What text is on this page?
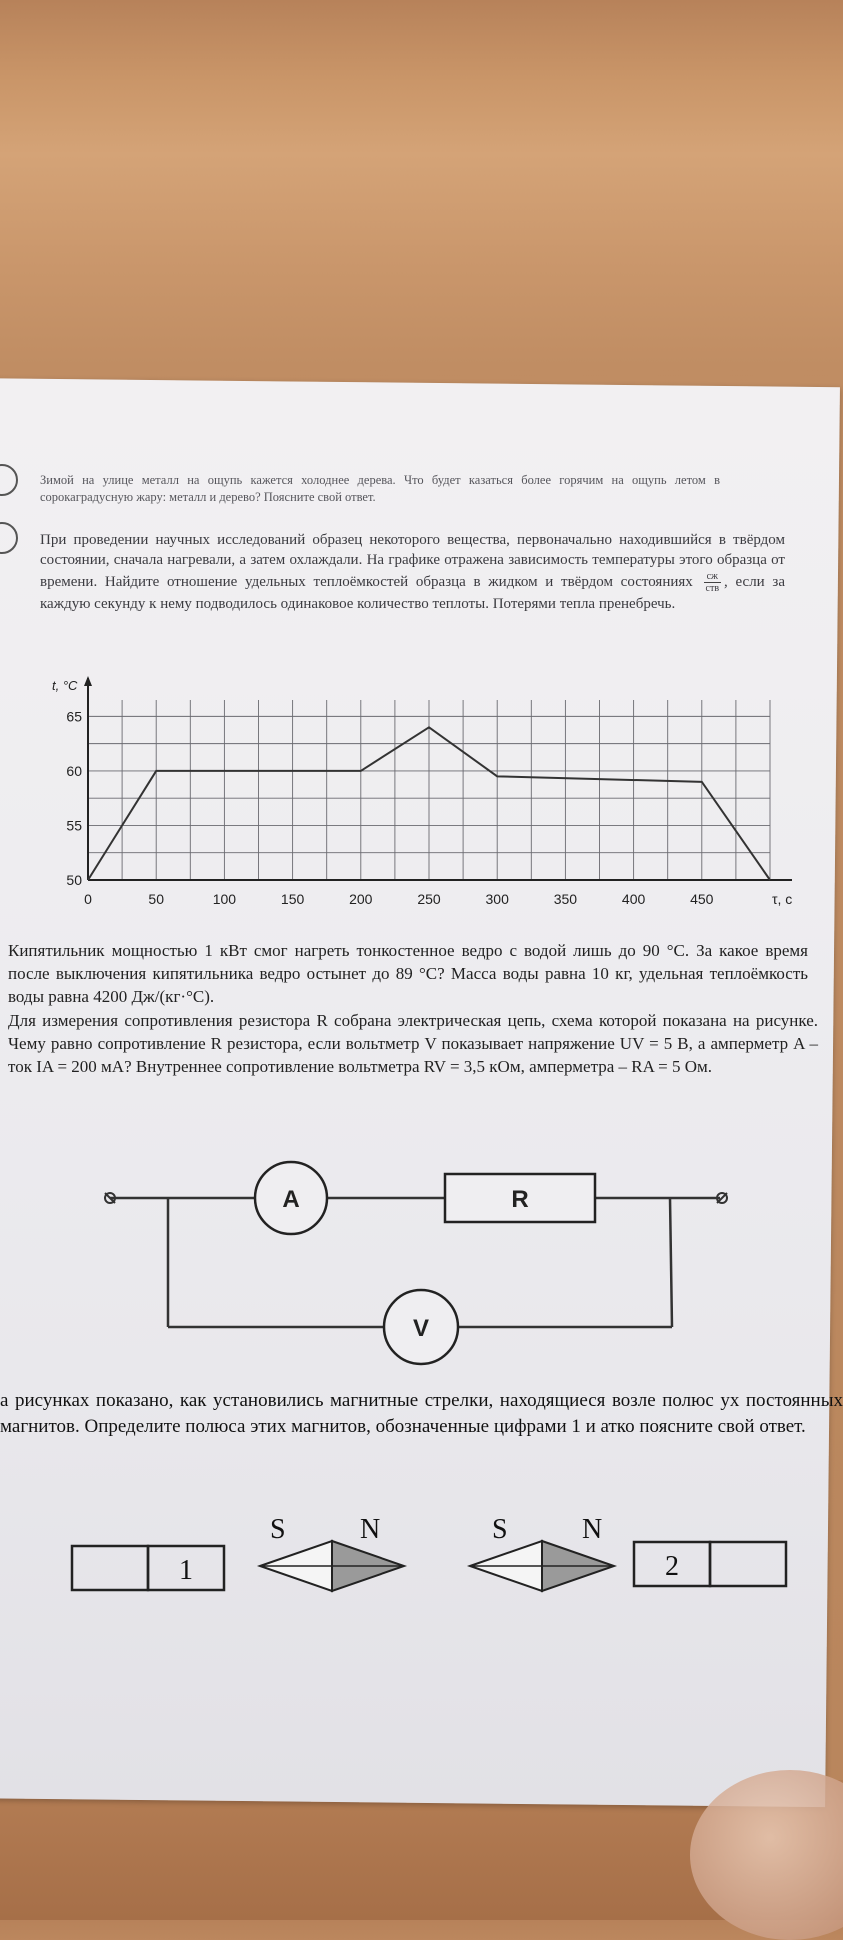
Зимой на улице металл на ощупь кажется холоднее дерева. Что будет казаться более горячим на ощупь летом в сорокаградусную жару: металл и дерево? Поясните свой ответ.
При проведении научных исследований образец некоторого вещества, первоначально находившийся в твёрдом состоянии, сначала нагревали, а затем охлаждали. На графике отражена зависимость температуры этого образца от времени. Найдите отношение удельных теплоёмкостей образца в жидком и твёрдом состояниях $\frac{cж}{\text{cтв}}$ , если за каждую секунду к нему подводилось одинаковое количество теплоты. Потерями тепла пренебречь.
0	50	100	150	200	250	300	350	400	450
50
55
60
65
t, °C
τ, с
Кипятильник мощностью 1 кВт смог нагреть тонкостенное ведро с водой лишь до 90 °C. За какое время после выключения кипятильника ведро остынет до 89 °C? Масса воды равна 10 кг, удельная теплоёмкость воды равна 4200 Дж/(кг·°C).
Для измерения сопротивления резистора R собрана электрическая цепь, схема которой показана на рисунке. Чему равно сопротивление R резистора, если вольтметр V показывает напряжение UV = 5 В, а амперметр A – ток IA = 200 мА? Внутреннее сопротивление вольтметра RV = 3,5 кОм, амперметра – RA = 5 Ом.
A	R
V
а рисунках показано, как установились магнитные стрелки, находящиеся возле полюс ух постоянных магнитов. Определите полюса этих магнитов, обозначенные цифрами 1 и атко поясните свой ответ.
1
S	N	S	N
2
